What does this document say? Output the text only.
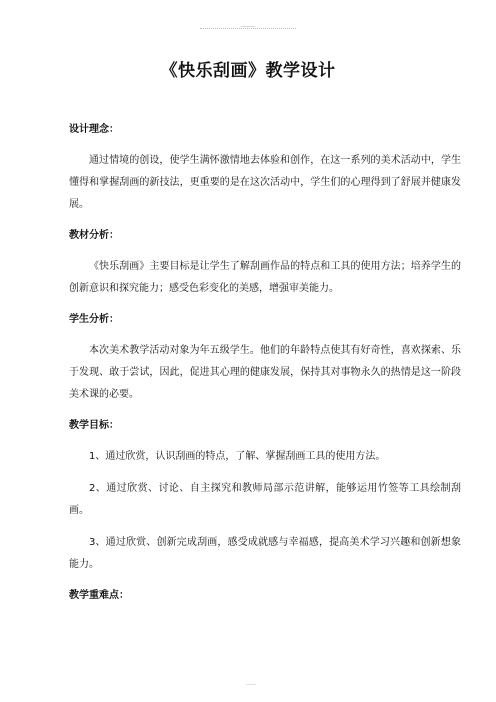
《快乐刮画》教学设计
设计理念：

通过情境的创设，使学生满怀激情地去体验和创作，在这一系列的美术活动中，学生懂得和掌握刮画的新技法，更重要的是在这次活动中，学生们的心理得到了舒展并健康发展。

教材分析：

《快乐刮画》主要目标是让学生了解刮画作品的特点和工具的使用方法；培养学生的创新意识和探究能力；感受色彩变化的美感，增强审美能力。

学生分析：

本次美术教学活动对象为年五级学生。他们的年龄特点使其有好奇性，喜欢探索、乐于发现、敢于尝试，因此，促进其心理的健康发展，保持其对事物永久的热情是这一阶段美术课的必要。

教学目标：

1、通过欣赏，认识刮画的特点，了解、掌握刮画工具的使用方法。

2、通过欣赏、讨论、自主探究和教师局部示范讲解，能够运用竹签等工具绘制刮画。

3、通过欣赏、创新完成刮画，感受成就感与幸福感，提高美术学习兴趣和创新想象能力。

教学重难点：
